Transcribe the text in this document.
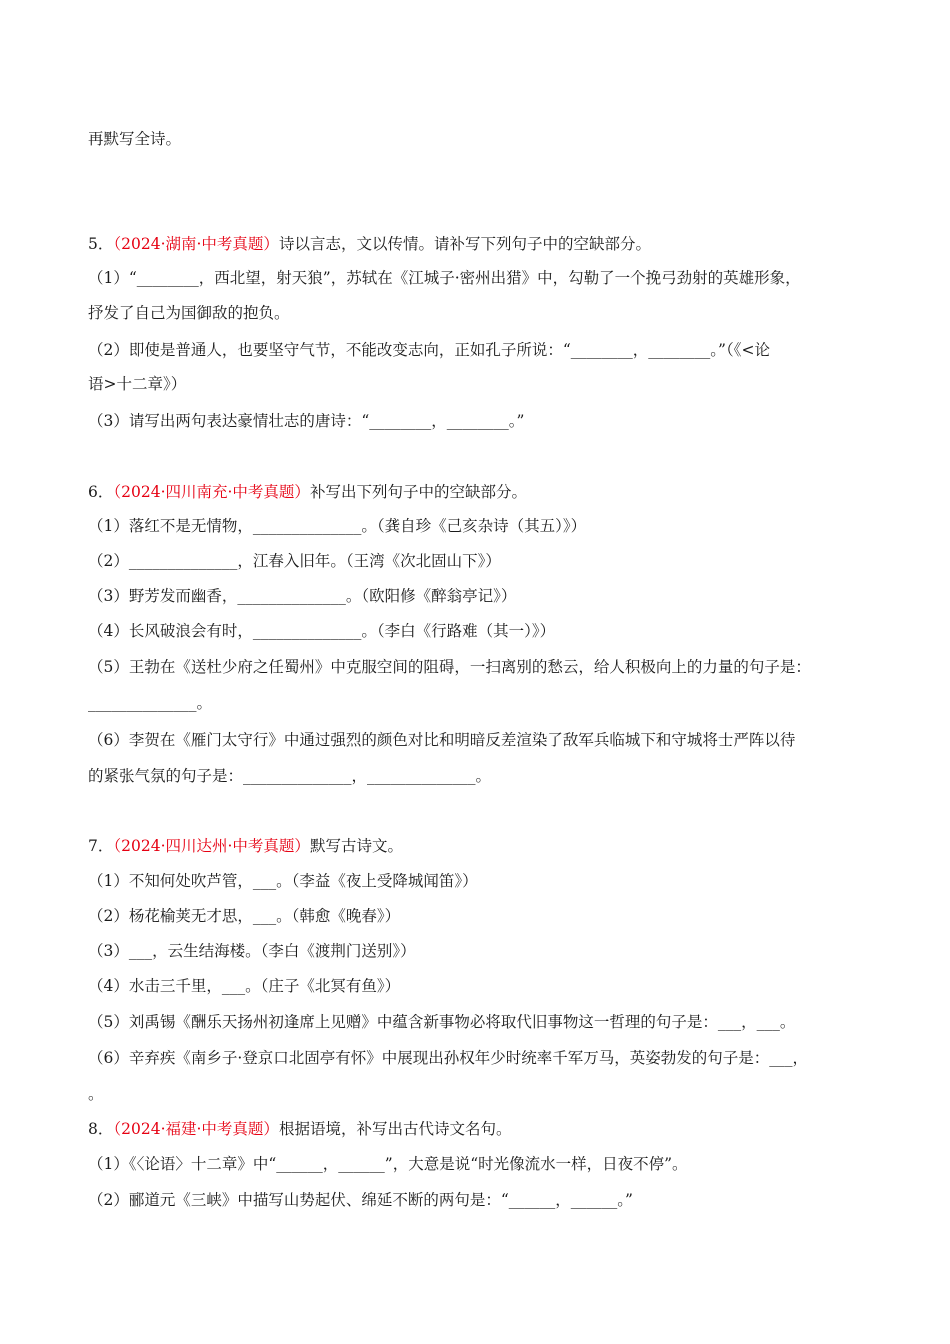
再默写全诗。
5．（2024·湖南·中考真题）诗以言志，文以传情。请补写下列句子中的空缺部分。
（1）“________，西北望，射天狼”，苏轼在《江城子·密州出猎》中，勾勒了一个挽弓劲射的英雄形象，
抒发了自己为国御敌的抱负。
（2）即使是普通人，也要坚守气节，不能改变志向，正如孔子所说：“________，________。”（《<论
语>十二章》）
（3）请写出两句表达豪情壮志的唐诗：“________，________。”
6．（2024·四川南充·中考真题）补写出下列句子中的空缺部分。
（1）落红不是无情物，______________。（龚自珍《己亥杂诗（其五）》）
（2）______________，江春入旧年。（王湾《次北固山下》）
（3）野芳发而幽香，______________。（欧阳修《醉翁亭记》）
（4）长风破浪会有时，______________。（李白《行路难（其一）》）
（5）王勃在《送杜少府之任蜀州》中克服空间的阻碍，一扫离别的愁云，给人积极向上的力量的句子是：
______________。
（6）李贺在《雁门太守行》中通过强烈的颜色对比和明暗反差渲染了敌军兵临城下和守城将士严阵以待
的紧张气氛的句子是：______________，______________。
7．（2024·四川达州·中考真题）默写古诗文。
（1）不知何处吹芦管，___。（李益《夜上受降城闻笛》）
（2）杨花榆荚无才思，___。（韩愈《晚春》）
（3）___，云生结海楼。（李白《渡荆门送别》）
（4）水击三千里，___。（庄子《北冥有鱼》）
（5）刘禹锡《酬乐天扬州初逢席上见赠》中蕴含新事物必将取代旧事物这一哲理的句子是：___，___。
（6）辛弃疾《南乡子·登京口北固亭有怀》中展现出孙权年少时统率千军万马，英姿勃发的句子是：___，
。
8．（2024·福建·中考真题）根据语境，补写出古代诗文名句。
（1）《〈论语〉十二章》中“______，______”，大意是说“时光像流水一样，日夜不停”。
（2）郦道元《三峡》中描写山势起伏、绵延不断的两句是：“______，______。”
